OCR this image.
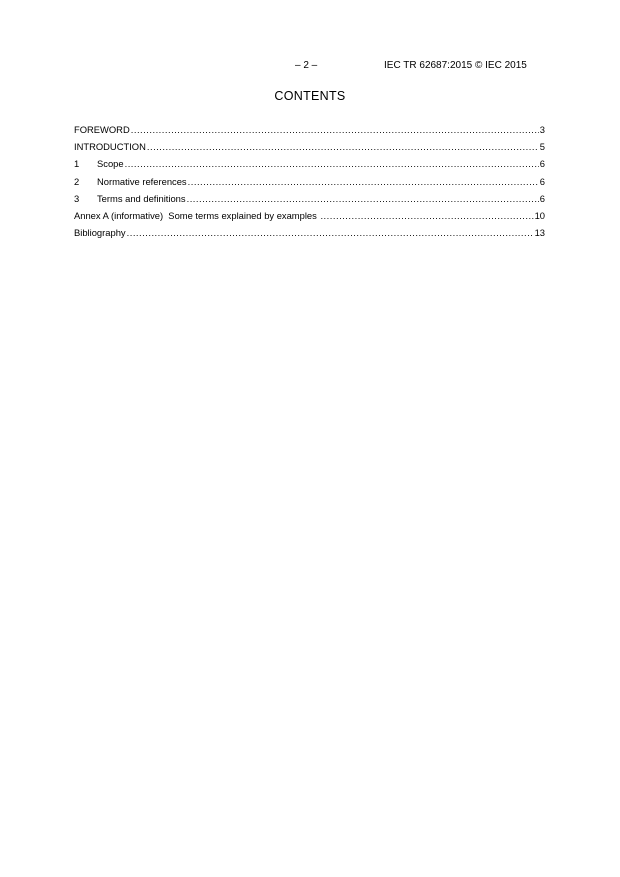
– 2 –	IEC TR 62687:2015 © IEC 2015
CONTENTS
FOREWORD .....	3
INTRODUCTION .....	5
1	Scope .....	6
2	Normative references .....	6
3	Terms and definitions .....	6
Annex A (informative)  Some terms explained by examples .....	10
Bibliography .....	13
